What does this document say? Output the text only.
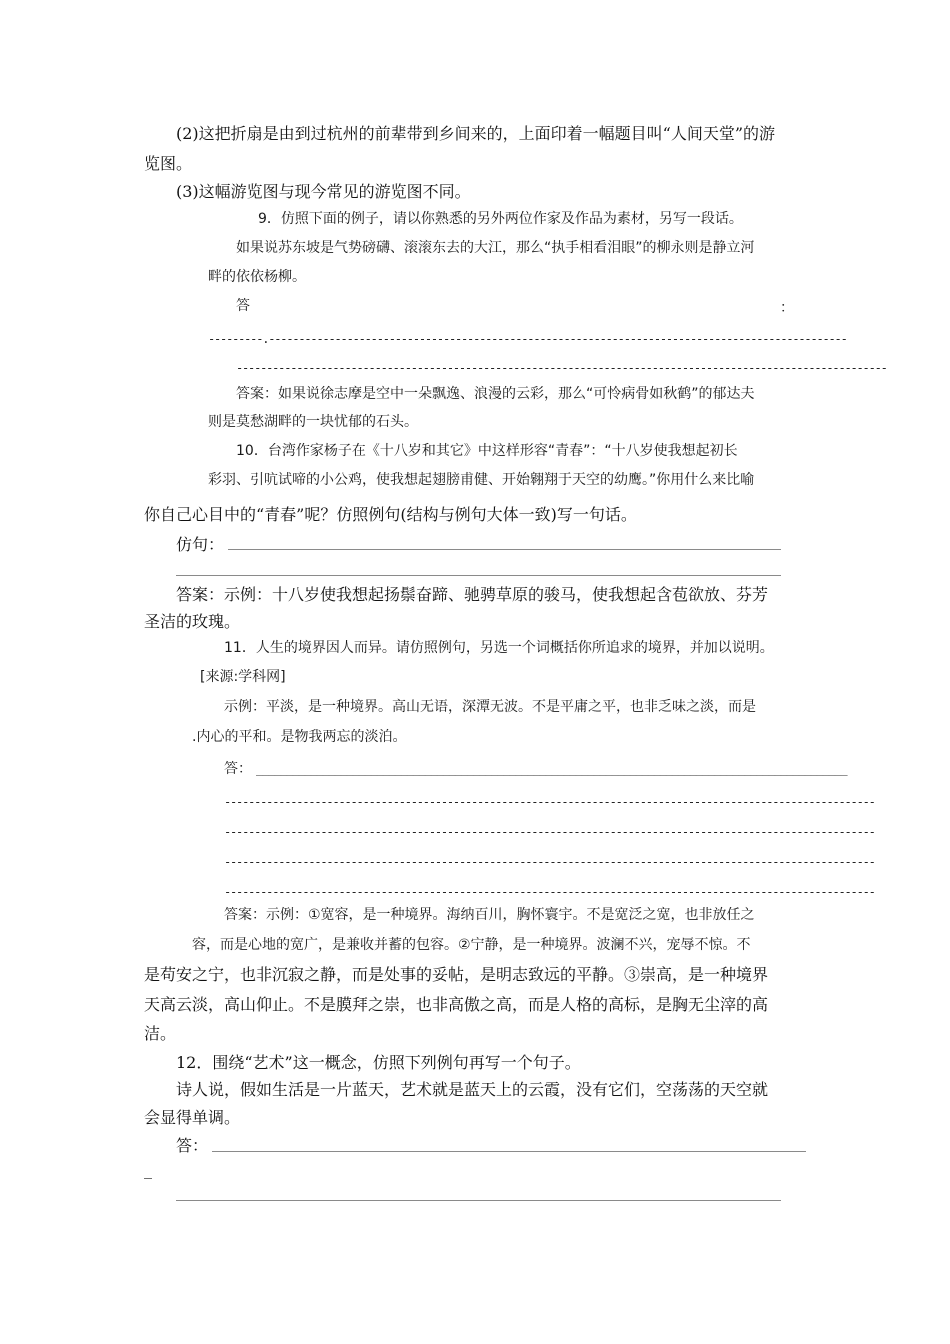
(2)这把折扇是由到过杭州的前辈带到乡间来的，上面印着一幅题目叫“人间天堂”的游
览图。
(3)这幅游览图与现今常见的游览图不同。
9．仿照下面的例子，请以你熟悉的另外两位作家及作品为素材，另写一段话。
如果说苏东坡是气势磅礴、滚滚东去的大江，那么“执手相看泪眼”的柳永则是静立河
畔的依依杨柳。
答	：
---------.------------------------------------------------------------------------------------------------
------------------------------------------------------------------------------------------------------------
答案：如果说徐志摩是空中一朵飘逸、浪漫的云彩，那么“可怜病骨如秋鹤”的郁达夫
则是莫愁湖畔的一块忧郁的石头。
10．台湾作家杨子在《十八岁和其它》中这样形容“青春”：“十八岁使我想起初长
彩羽、引吭试啼的小公鸡，使我想起翅膀甫健、开始翱翔于天空的幼鹰。”你用什么来比喻
你自己心目中的“青春”呢？仿照例句(结构与例句大体一致)写一句话。
仿句：
答案：示例：十八岁使我想起扬鬃奋蹄、驰骋草原的骏马，使我想起含苞欲放、芬芳
圣洁的玫瑰。
11．人生的境界因人而异。请仿照例句，另选一个词概括你所追求的境界，并加以说明。
[来源:学科网]
示例：平淡，是一种境界。高山无语，深潭无波。不是平庸之平，也非乏味之淡，而是
.内心的平和。是物我两忘的淡泊。
答： __________________________________________________________________________________________________
------------------------------------------------------------------------------------------------------------
------------------------------------------------------------------------------------------------------------
------------------------------------------------------------------------------------------------------------
------------------------------------------------------------------------------------------------------------
答案：示例：①宽容，是一种境界。海纳百川，胸怀寰宇。不是宽泛之宽，也非放任之
容，而是心地的宽广，是兼收并蓄的包容。②宁静，是一种境界。波澜不兴，宠辱不惊。不
是苟安之宁，也非沉寂之静，而是处事的妥帖，是明志致远的平静。③崇高，是一种境界
天高云淡，高山仰止。不是膜拜之崇，也非高傲之高，而是人格的高标，是胸无尘滓的高
洁。
12．围绕“艺术”这一概念，仿照下列例句再写一个句子。
诗人说，假如生活是一片蓝天，艺术就是蓝天上的云霞，没有它们，空荡荡的天空就
会显得单调。
答：
_
